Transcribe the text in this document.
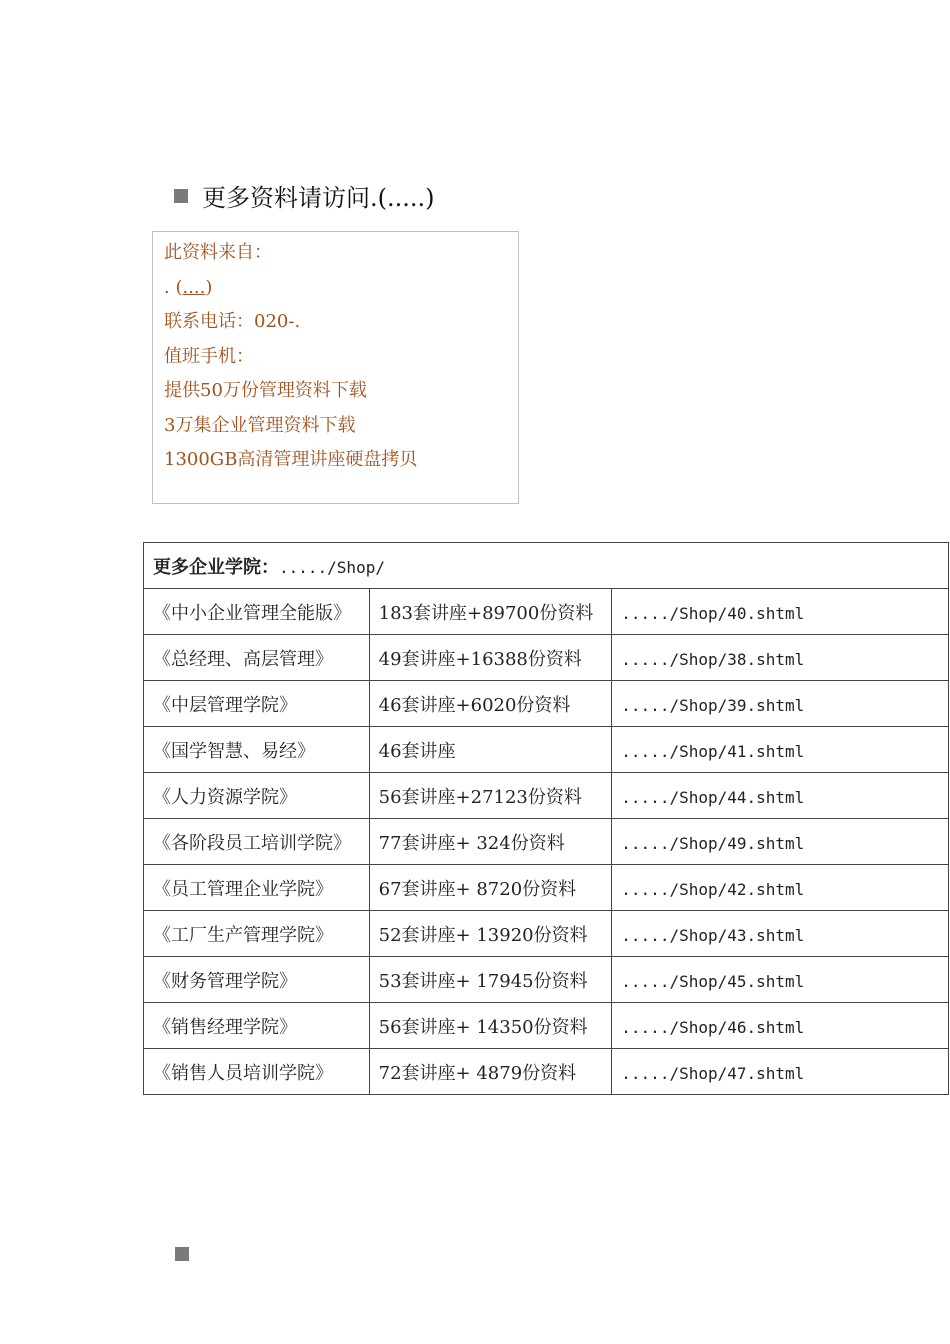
更多资料请访问.(.....)
此资料来自：
. (....)
联系电话：020-.
值班手机：
提供50万份管理资料下载
3万集企业管理资料下载
1300GB高清管理讲座硬盘拷贝
更多企业学院：...../Shop/		
《中小企业管理全能版》	183套讲座+89700份资料	...../Shop/40.shtml
《总经理、高层管理》	49套讲座+16388份资料	...../Shop/38.shtml
《中层管理学院》	46套讲座+6020份资料	...../Shop/39.shtml
《国学智慧、易经》	46套讲座	...../Shop/41.shtml
《人力资源学院》	56套讲座+27123份资料	...../Shop/44.shtml
《各阶段员工培训学院》	77套讲座+ 324份资料	...../Shop/49.shtml
《员工管理企业学院》	67套讲座+ 8720份资料	...../Shop/42.shtml
《工厂生产管理学院》	52套讲座+ 13920份资料	...../Shop/43.shtml
《财务管理学院》	53套讲座+ 17945份资料	...../Shop/45.shtml
《销售经理学院》	56套讲座+ 14350份资料	...../Shop/46.shtml
《销售人员培训学院》	72套讲座+ 4879份资料	...../Shop/47.shtml
